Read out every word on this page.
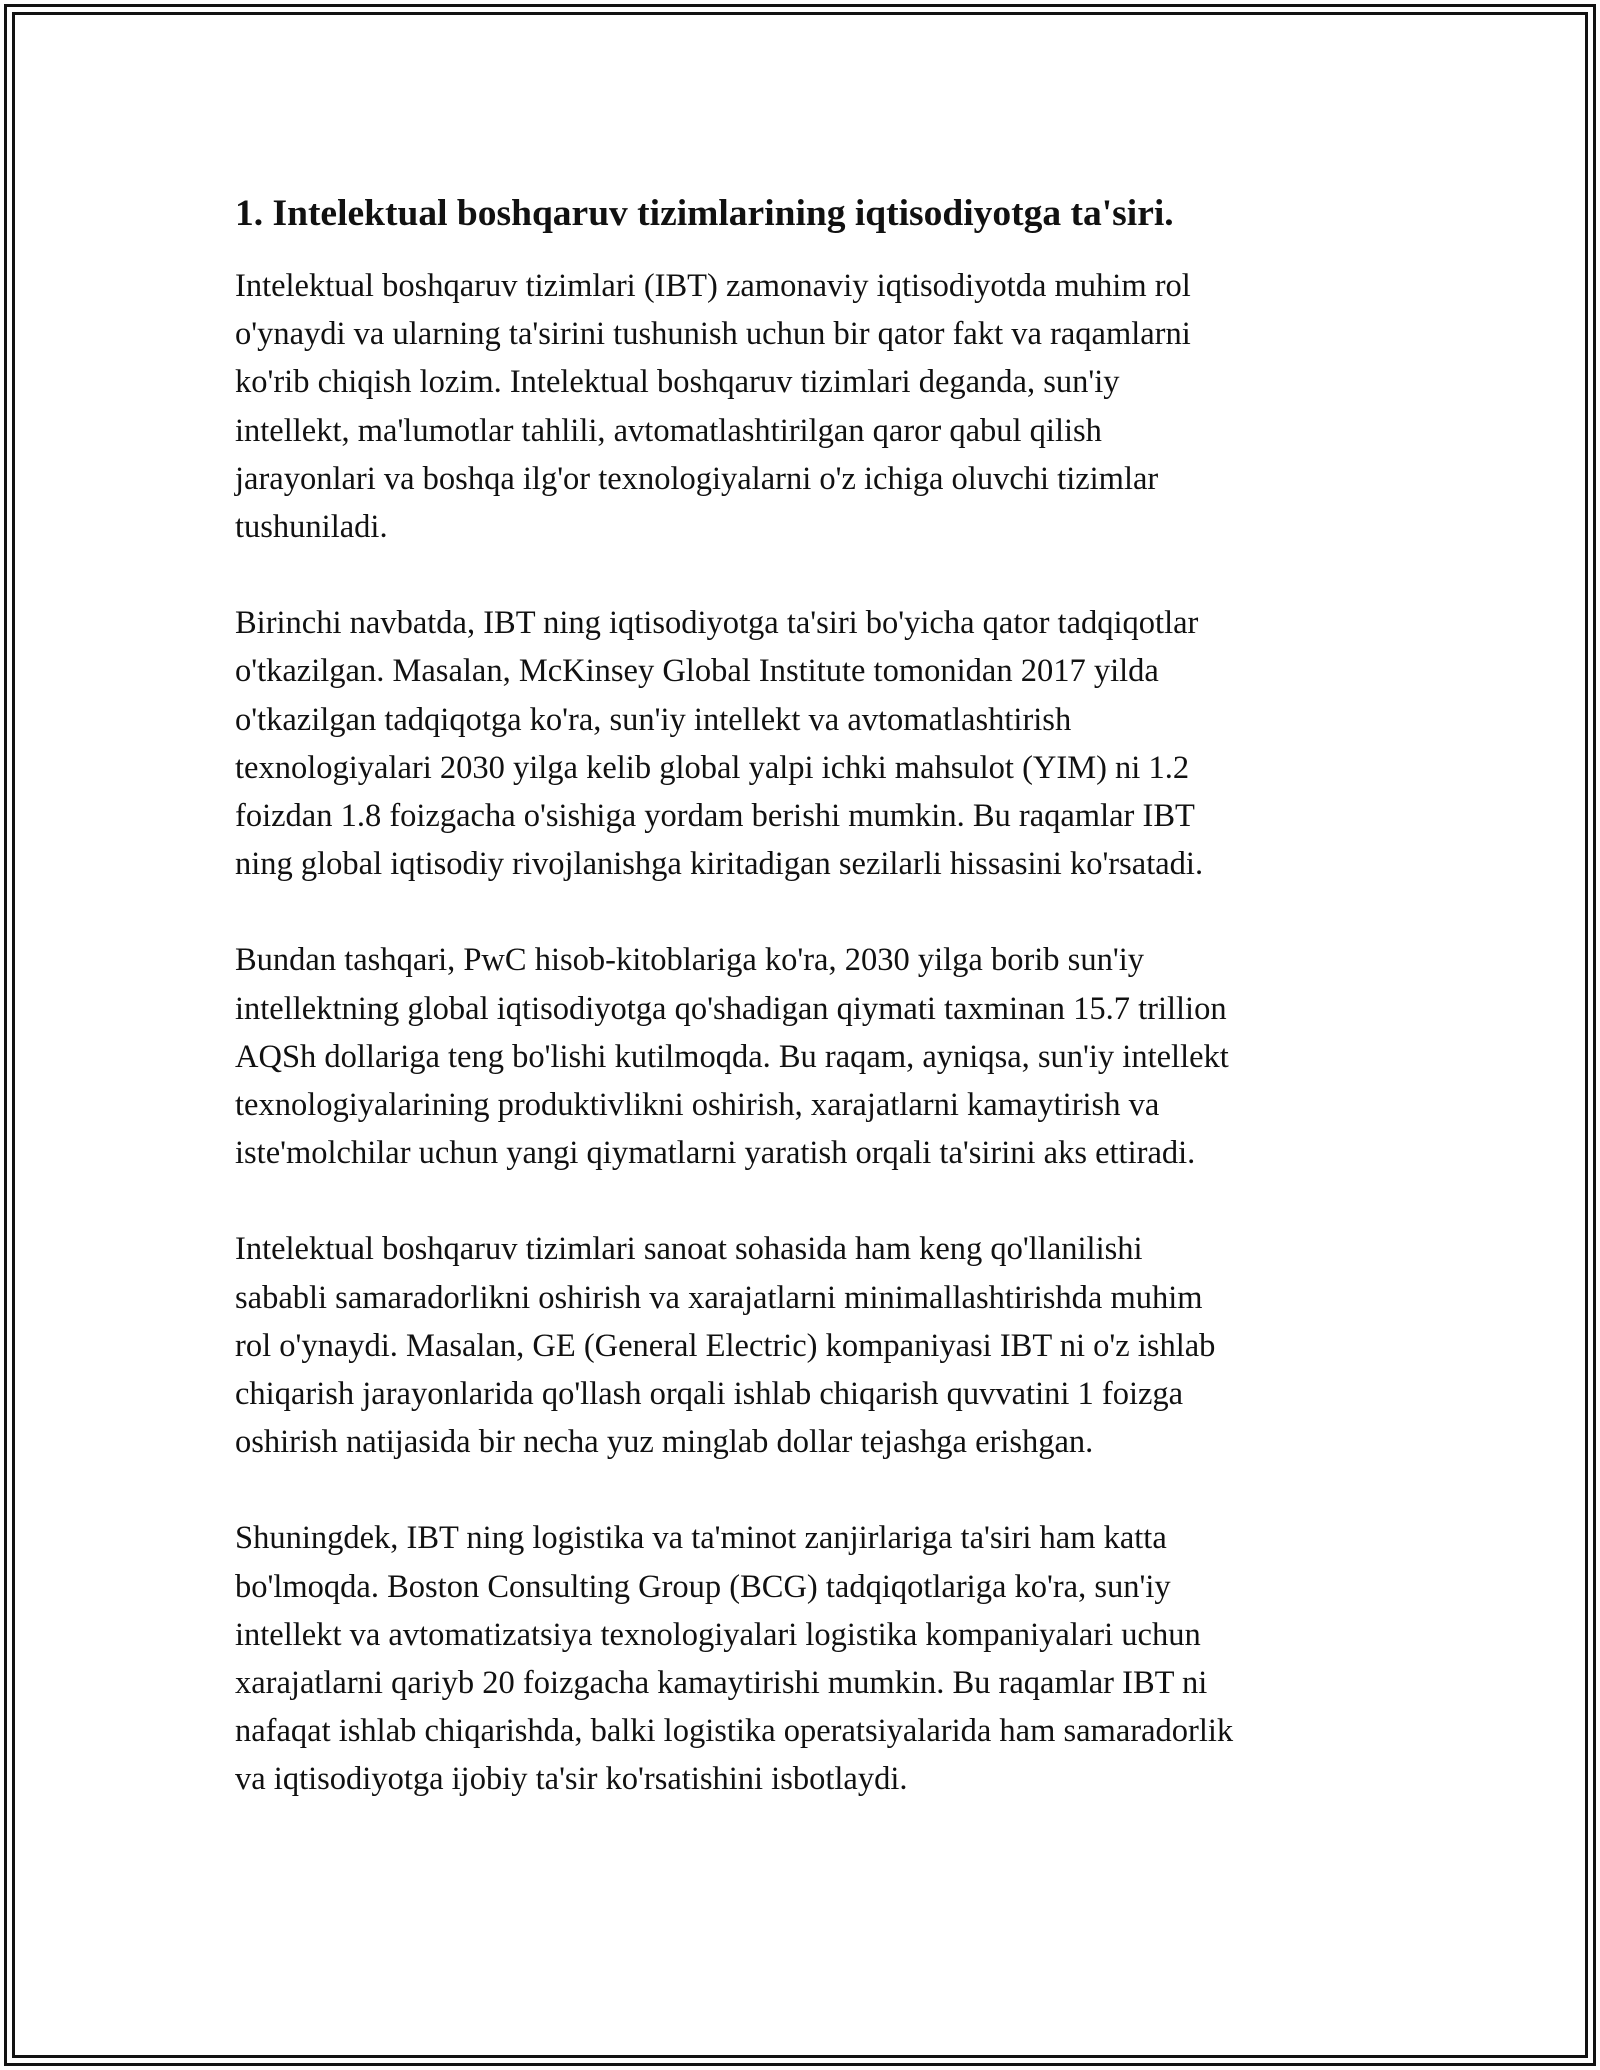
1. Intelektual boshqaruv tizimlarining iqtisodiyotga ta'siri.

Intelektual boshqaruv tizimlari (IBT) zamonaviy iqtisodiyotda muhim rol
o'ynaydi va ularning ta'sirini tushunish uchun bir qator fakt va raqamlarni
ko'rib chiqish lozim. Intelektual boshqaruv tizimlari deganda, sun'iy
intellekt, ma'lumotlar tahlili, avtomatlashtirilgan qaror qabul qilish
jarayonlari va boshqa ilg'or texnologiyalarni o'z ichiga oluvchi tizimlar
tushuniladi.

Birinchi navbatda, IBT ning iqtisodiyotga ta'siri bo'yicha qator tadqiqotlar
o'tkazilgan. Masalan, McKinsey Global Institute tomonidan 2017 yilda
o'tkazilgan tadqiqotga ko'ra, sun'iy intellekt va avtomatlashtirish
texnologiyalari 2030 yilga kelib global yalpi ichki mahsulot (YIM) ni 1.2
foizdan 1.8 foizgacha o'sishiga yordam berishi mumkin. Bu raqamlar IBT
ning global iqtisodiy rivojlanishga kiritadigan sezilarli hissasini ko'rsatadi.

Bundan tashqari, PwC hisob-kitoblariga ko'ra, 2030 yilga borib sun'iy
intellektning global iqtisodiyotga qo'shadigan qiymati taxminan 15.7 trillion
AQSh dollariga teng bo'lishi kutilmoqda. Bu raqam, ayniqsa, sun'iy intellekt
texnologiyalarining produktivlikni oshirish, xarajatlarni kamaytirish va
iste'molchilar uchun yangi qiymatlarni yaratish orqali ta'sirini aks ettiradi.

Intelektual boshqaruv tizimlari sanoat sohasida ham keng qo'llanilishi
sababli samaradorlikni oshirish va xarajatlarni minimallashtirishda muhim
rol o'ynaydi. Masalan, GE (General Electric) kompaniyasi IBT ni o'z ishlab
chiqarish jarayonlarida qo'llash orqali ishlab chiqarish quvvatini 1 foizga
oshirish natijasida bir necha yuz minglab dollar tejashga erishgan.

Shuningdek, IBT ning logistika va ta'minot zanjirlariga ta'siri ham katta
bo'lmoqda. Boston Consulting Group (BCG) tadqiqotlariga ko'ra, sun'iy
intellekt va avtomatizatsiya texnologiyalari logistika kompaniyalari uchun
xarajatlarni qariyb 20 foizgacha kamaytirishi mumkin. Bu raqamlar IBT ni
nafaqat ishlab chiqarishda, balki logistika operatsiyalarida ham samaradorlik
va iqtisodiyotga ijobiy ta'sir ko'rsatishini isbotlaydi.
